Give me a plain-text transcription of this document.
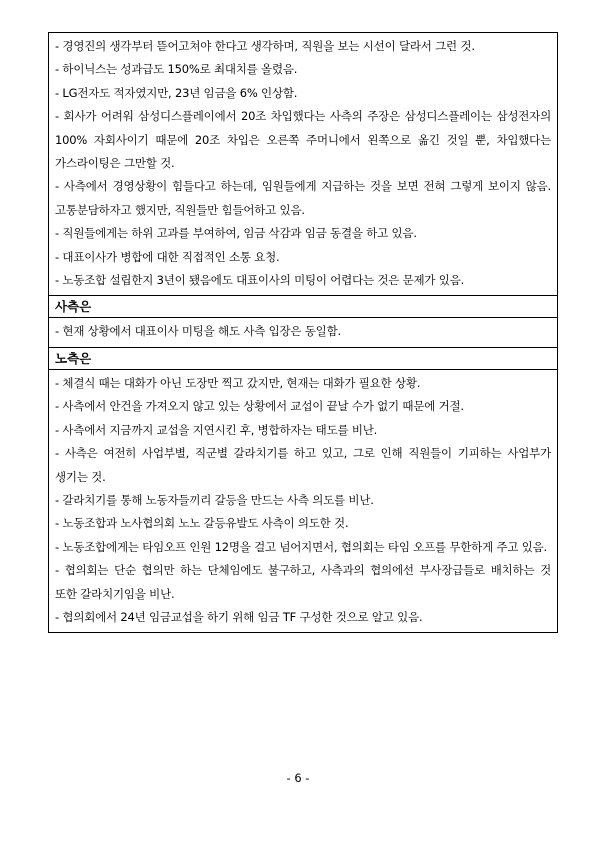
- 경영진의 생각부터 뜯어고쳐야 한다고 생각하며, 직원을 보는 시선이 달라서 그런 것.
- 하이닉스는 성과급도 150%로 최대치를 올렸음.
- LG전자도 적자였지만, 23년 임금을 6% 인상함.
- 회사가 어려워 삼성디스플레이에서 20조 차입했다는 사측의 주장은 삼성디스플레이는 삼성전자의 100% 자회사이기 때문에 20조 차입은 오른쪽 주머니에서 왼쪽으로 옮긴 것일 뿐, 차입했다는 가스라이팅은 그만할 것.
- 사측에서 경영상황이 힘들다고 하는데, 임원들에게 지급하는 것을 보면 전혀 그렇게 보이지 않음. 고통분담하자고 했지만, 직원들만 힘들어하고 있음.
- 직원들에게는 하위 고과를 부여하여, 임금 삭감과 임금 동결을 하고 있음.
- 대표이사가 병합에 대한 직접적인 소통 요청.
- 노동조합 설립한지 3년이 됐음에도 대표이사의 미팅이 어렵다는 것은 문제가 있음.

사측은

- 현재 상황에서 대표이사 미팅을 해도 사측 입장은 동일함.

노측은

- 체결식 때는 대화가 아닌 도장만 찍고 갔지만, 현재는 대화가 필요한 상황.
- 사측에서 안건을 가져오지 않고 있는 상황에서 교섭이 끝날 수가 없기 때문에 거절.
- 사측에서 지금까지 교섭을 지연시킨 후, 병합하자는 태도를 비난.
- 사측은 여전히 사업부별, 직군별 갈라치기를 하고 있고, 그로 인해 직원들이 기피하는 사업부가 생기는 것.
- 갈라치기를 통해 노동자들끼리 갈등을 만드는 사측 의도를 비난.
- 노동조합과 노사협의회 노노 갈등유발도 사측이 의도한 것.
- 노동조합에게는 타임오프 인원 12명을 걸고 넘어지면서, 협의회는 타임 오프를 무한하게 주고 있음.
- 협의회는 단순 협의만 하는 단체임에도 불구하고, 사측과의 협의에선 부사장급들로 배치하는 것 또한 갈라치기임을 비난.
- 협의회에서 24년 임금교섭을 하기 위해 임금 TF 구성한 것으로 알고 있음.
- 6 -
